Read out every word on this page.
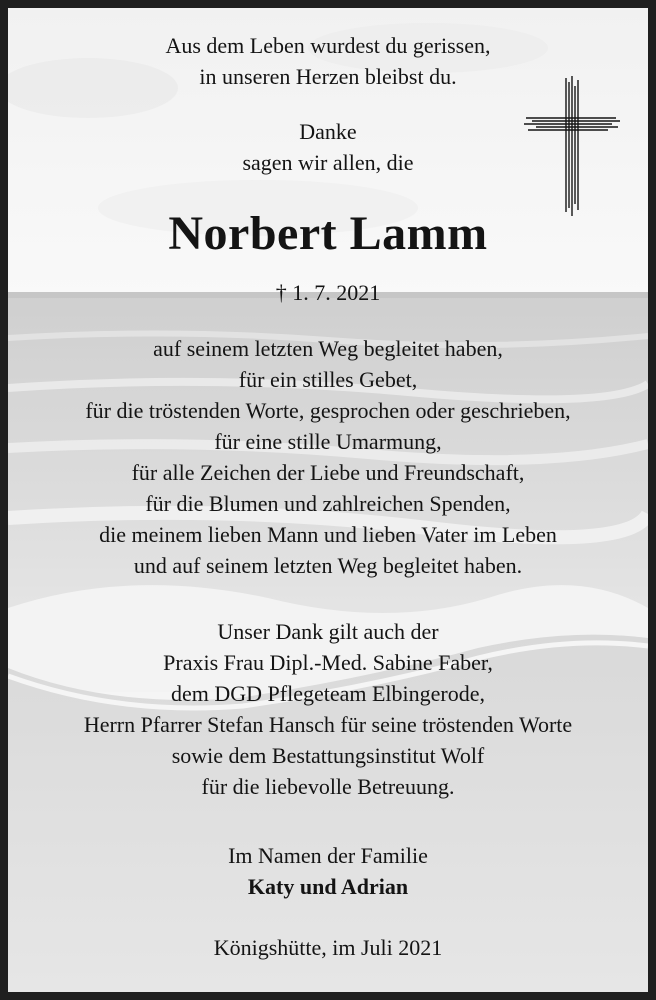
Aus dem Leben wurdest du gerissen,
in unseren Herzen bleibst du.
Danke
sagen wir allen, die
Norbert Lamm
† 1. 7. 2021
auf seinem letzten Weg begleitet haben,
für ein stilles Gebet,
für die tröstenden Worte, gesprochen oder geschrieben,
für eine stille Umarmung,
für alle Zeichen der Liebe und Freundschaft,
für die Blumen und zahlreichen Spenden,
die meinem lieben Mann und lieben Vater im Leben
und auf seinem letzten Weg begleitet haben.
Unser Dank gilt auch der
Praxis Frau Dipl.-Med. Sabine Faber,
dem DGD Pflegeteam Elbingerode,
Herrn Pfarrer Stefan Hansch für seine tröstenden Worte
sowie dem Bestattungsinstitut Wolf
für die liebevolle Betreuung.
Im Namen der Familie
Katy und Adrian
Königshütte, im Juli 2021
